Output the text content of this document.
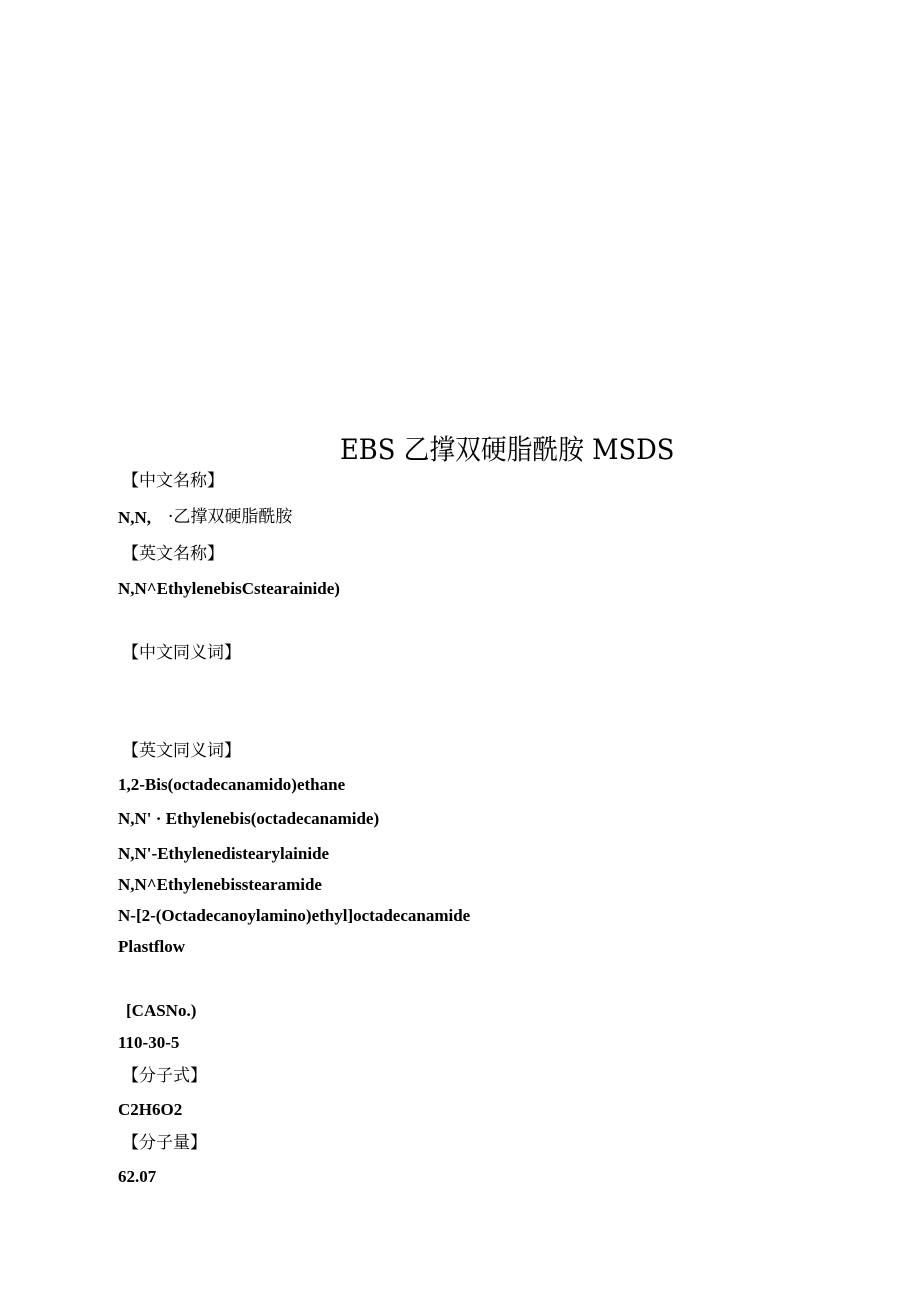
EBS 乙撑双硬脂酰胺 MSDS
【中文名称】
N,N, ·乙撑双硬脂酰胺
【英文名称】
N,N^EthylenebisCstearainide)
【中文同义词】
【英文同义词】
1,2-Bis(octadecanamido)ethane
N,N' · Ethylenebis(octadecanamide)
N,N'-Ethylenedistearylainide
N,N^Ethylenebisstearamide
N-[2-(Octadecanoylamino)ethyl]octadecanamide
Plastflow
[CASNo.)
110-30-5
【分子式】
C2H6O2
【分子量】
62.07
